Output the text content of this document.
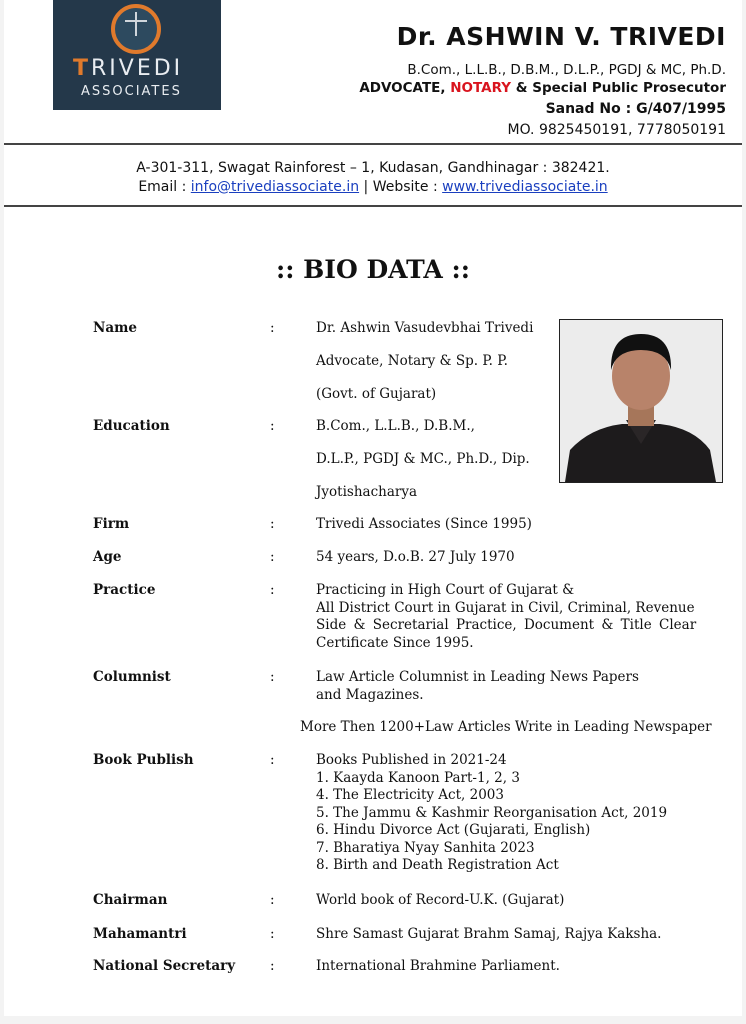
TRIVEDI
ASSOCIATES
Dr. ASHWIN V. TRIVEDI
B.Com., L.L.B., D.B.M., D.L.P., PGDJ & MC, Ph.D.
ADVOCATE, NOTARY & Special Public Prosecutor
Sanad No : G/407/1995
MO. 9825450191, 7778050191
A-301-311, Swagat Rainforest – 1, Kudasan, Gandhinagar : 382421.
Email : info@trivediassociate.in | Website : www.trivediassociate.in
:: BIO DATA ::
Name	:	Dr. Ashwin Vasudevbhai Trivedi
Advocate, Notary & Sp. P. P.
(Govt. of Gujarat)
Education	:	B.Com., L.L.B., D.B.M.,
D.L.P., PGDJ & MC., Ph.D., Dip.
Jyotishacharya
Firm	:	Trivedi Associates (Since 1995)
Age	:	54 years, D.o.B. 27 July 1970
Practice	:	Practicing in High Court of Gujarat &
All District Court in Gujarat in Civil, Criminal, Revenue
Side & Secretarial Practice, Document & Title Clear
Certificate Since 1995.
Columnist	:	Law Article Columnist in Leading News Papers
and Magazines.
More Then 1200+Law Articles Write in Leading Newspaper
Book Publish	:	Books Published in 2021-24
1. Kaayda Kanoon Part-1, 2, 3
4. The Electricity Act, 2003
5. The Jammu & Kashmir Reorganisation Act, 2019
6. Hindu Divorce Act (Gujarati, English)
7. Bharatiya Nyay Sanhita 2023
8. Birth and Death Registration Act
Chairman	:	World book of Record-U.K. (Gujarat)
Mahamantri	:	Shre Samast Gujarat Brahm Samaj, Rajya Kaksha.
National Secretary	:	International Brahmine Parliament.
